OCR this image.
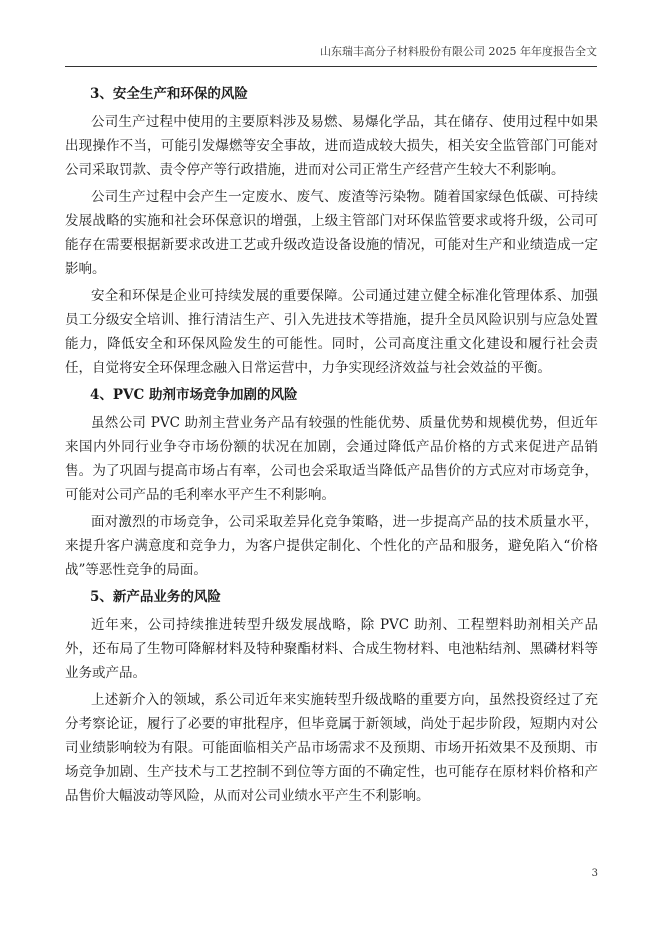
山东瑞丰高分子材料股份有限公司 2025 年年度报告全文
3、安全生产和环保的风险

公司生产过程中使用的主要原料涉及易燃、易爆化学品，其在储存、使用过程中如果出现操作不当，可能引发爆燃等安全事故，进而造成较大损失，相关安全监管部门可能对公司采取罚款、责令停产等行政措施，进而对公司正常生产经营产生较大不利影响。

公司生产过程中会产生一定废水、废气、废渣等污染物。随着国家绿色低碳、可持续发展战略的实施和社会环保意识的增强，上级主管部门对环保监管要求或将升级，公司可能存在需要根据新要求改进工艺或升级改造设备设施的情况，可能对生产和业绩造成一定影响。

安全和环保是企业可持续发展的重要保障。公司通过建立健全标准化管理体系、加强员工分级安全培训、推行清洁生产、引入先进技术等措施，提升全员风险识别与应急处置能力，降低安全和环保风险发生的可能性。同时，公司高度注重文化建设和履行社会责任，自觉将安全环保理念融入日常运营中，力争实现经济效益与社会效益的平衡。

4、PVC 助剂市场竞争加剧的风险

虽然公司 PVC 助剂主营业务产品有较强的性能优势、质量优势和规模优势，但近年来国内外同行业争夺市场份额的状况在加剧，会通过降低产品价格的方式来促进产品销售。为了巩固与提高市场占有率，公司也会采取适当降低产品售价的方式应对市场竞争，可能对公司产品的毛利率水平产生不利影响。

面对激烈的市场竞争，公司采取差异化竞争策略，进一步提高产品的技术质量水平，来提升客户满意度和竞争力，为客户提供定制化、个性化的产品和服务，避免陷入“价格战”等恶性竞争的局面。

5、新产品业务的风险

近年来，公司持续推进转型升级发展战略，除 PVC 助剂、工程塑料助剂相关产品外，还布局了生物可降解材料及特种聚酯材料、合成生物材料、电池粘结剂、黑磷材料等业务或产品。

上述新介入的领域，系公司近年来实施转型升级战略的重要方向，虽然投资经过了充分考察论证，履行了必要的审批程序，但毕竟属于新领域，尚处于起步阶段，短期内对公司业绩影响较为有限。可能面临相关产品市场需求不及预期、市场开拓效果不及预期、市场竞争加剧、生产技术与工艺控制不到位等方面的不确定性，也可能存在原材料价格和产品售价大幅波动等风险，从而对公司业绩水平产生不利影响。

3
